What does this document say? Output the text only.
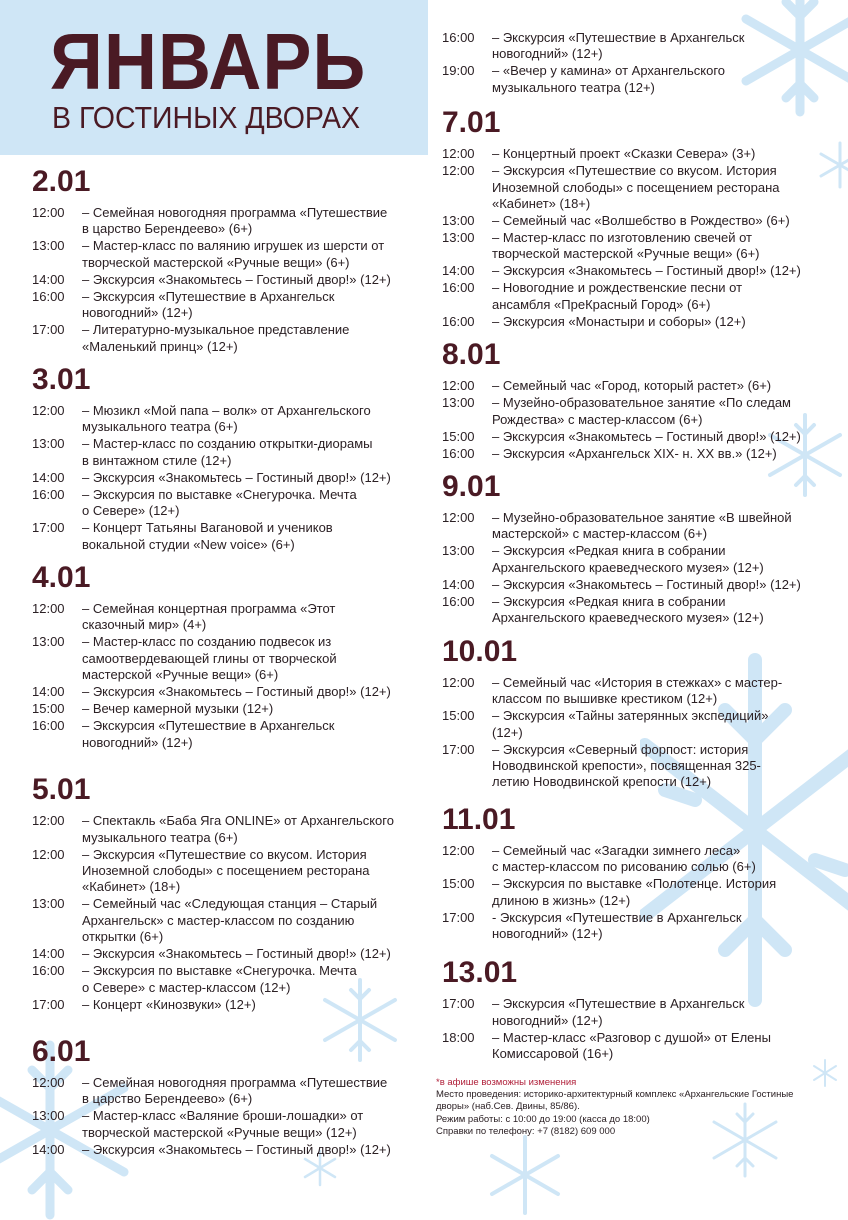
ЯНВАРЬ
В ГОСТИНЫХ ДВОРАХ
2.01
12:00 – Семейная новогодняя программа «Путешествие
в царство Берендеево» (6+)
13:00 – Мастер-класс по валянию игрушек из шерсти от
творческой мастерской «Ручные вещи» (6+)
14:00 – Экскурсия «Знакомьтесь – Гостиный двор!» (12+)
16:00 – Экскурсия «Путешествие в Архангельск
новогодний» (12+)
17:00 – Литературно-музыкальное представление
«Маленький принц» (12+)
3.01
12:00 – Мюзикл «Мой папа – волк» от Архангельского
музыкального театра (6+)
13:00 – Мастер-класс по созданию открытки-диорамы
в винтажном стиле (12+)
14:00 – Экскурсия «Знакомьтесь – Гостиный двор!» (12+)
16:00 – Экскурсия по выставке «Снегурочка. Мечта
о Севере» (12+)
17:00 – Концерт Татьяны Вагановой и учеников
вокальной студии «New voice» (6+)
4.01
12:00 – Семейная концертная программа «Этот
сказочный мир» (4+)
13:00 – Мастер-класс по созданию подвесок из
самоотвердевающей глины от творческой
мастерской «Ручные вещи» (6+)
14:00 – Экскурсия «Знакомьтесь – Гостиный двор!» (12+)
15:00 – Вечер камерной музыки (12+)
16:00 – Экскурсия «Путешествие в Архангельск
новогодний» (12+)
5.01
12:00 – Спектакль «Баба Яга ONLINE» от Архангельского
музыкального театра (6+)
12:00 – Экскурсия «Путешествие со вкусом. История
Иноземной слободы» с посещением ресторана
«Кабинет» (18+)
13:00 – Семейный час «Следующая станция – Старый
Архангельск» с мастер-классом по созданию
открытки (6+)
14:00 – Экскурсия «Знакомьтесь – Гостиный двор!» (12+)
16:00 – Экскурсия по выставке «Снегурочка. Мечта
о Севере» с мастер-классом (12+)
17:00 – Концерт «Кинозвуки» (12+)
6.01
12:00 – Семейная новогодняя программа «Путешествие
в царство Берендеево» (6+)
13:00 – Мастер-класс «Валяние броши-лошадки» от
творческой мастерской «Ручные вещи» (12+)
14:00 – Экскурсия «Знакомьтесь – Гостиный двор!» (12+)
16:00 – Экскурсия «Путешествие в Архангельск
новогодний» (12+)
19:00 – «Вечер у камина» от Архангельского
музыкального театра (12+)
7.01
12:00 – Концертный проект «Сказки Севера» (3+)
12:00 – Экскурсия «Путешествие со вкусом. История
Иноземной слободы» с посещением ресторана
«Кабинет» (18+)
13:00 – Семейный час «Волшебство в Рождество» (6+)
13:00 – Мастер-класс по изготовлению свечей от
творческой мастерской «Ручные вещи» (6+)
14:00 – Экскурсия «Знакомьтесь – Гостиный двор!» (12+)
16:00 – Новогодние и рождественские песни от
ансамбля «ПреКрасный Город» (6+)
16:00 – Экскурсия «Монастыри и соборы» (12+)
8.01
12:00 – Семейный час «Город, который растет» (6+)
13:00 – Музейно-образовательное занятие «По следам
Рождества» с мастер-классом (6+)
15:00 – Экскурсия «Знакомьтесь – Гостиный двор!» (12+)
16:00 – Экскурсия «Архангельск XIX- н. XX вв.» (12+)
9.01
12:00 – Музейно-образовательное занятие «В швейной
мастерской» с мастер-классом (6+)
13:00 – Экскурсия «Редкая книга в собрании
Архангельского краеведческого музея» (12+)
14:00 – Экскурсия «Знакомьтесь – Гостиный двор!» (12+)
16:00 – Экскурсия «Редкая книга в собрании
Архангельского краеведческого музея» (12+)
10.01
12:00 – Семейный час «История в стежках» с мастер-
классом по вышивке крестиком (12+)
15:00 – Экскурсия «Тайны затерянных экспедиций»
(12+)
17:00 – Экскурсия «Северный форпост: история
Новодвинской крепости», посвященная 325-
летию Новодвинской крепости (12+)
11.01
12:00 – Семейный час «Загадки зимнего леса»
с мастер-классом по рисованию солью (6+)
15:00 – Экскурсия по выставке «Полотенце. История
длиною в жизнь» (12+)
17:00 - Экскурсия «Путешествие в Архангельск
новогодний» (12+)
13.01
17:00 – Экскурсия «Путешествие в Архангельск
новогодний» (12+)
18:00 – Мастер-класс «Разговор с душой» от Елены
Комиссаровой (16+)
*в афише возможны изменения
Место проведения: историко-архитектурный комплекс «Архангельские Гостиные дворы» (наб.Сев. Двины, 85/86).
Режим работы: с 10:00 до 19:00 (касса до 18:00)
Справки по телефону: +7 (8182) 609 000
